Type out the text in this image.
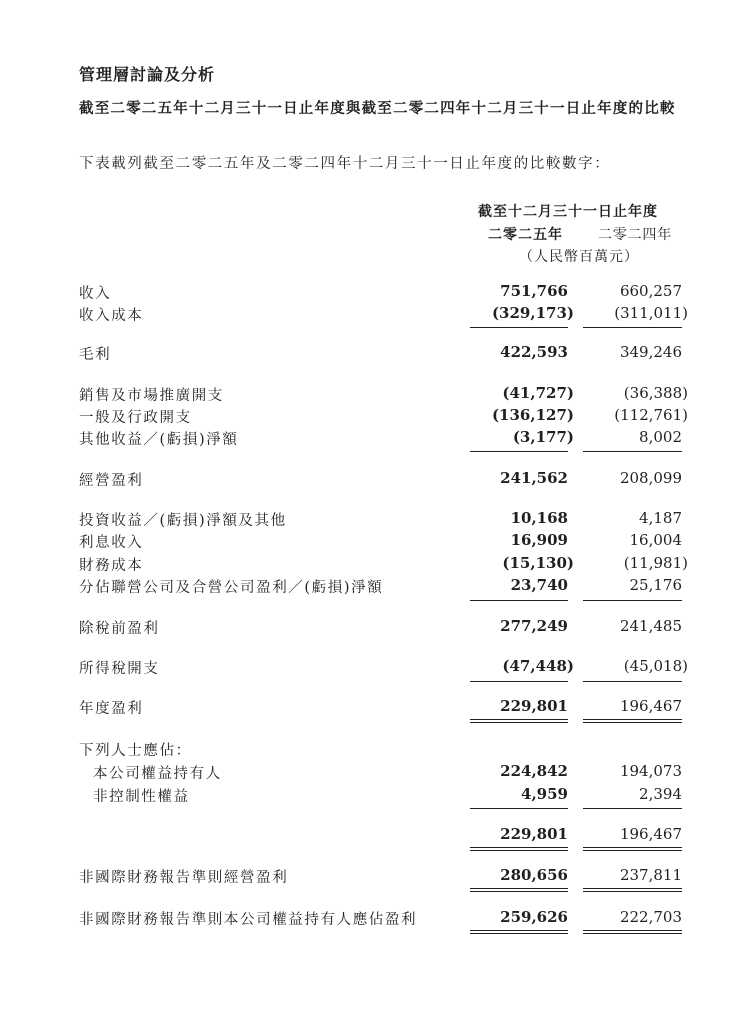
管理層討論及分析
截至二零二五年十二月三十一日止年度與截至二零二四年十二月三十一日止年度的比較
下表載列截至二零二五年及二零二四年十二月三十一日止年度的比較數字：
截至十二月三十一日止年度
二零二五年	二零二四年
（人民幣百萬元）
收入	751,766	660,257
收入成本	(329,173)	(311,011)
毛利	422,593	349,246
銷售及市場推廣開支	(41,727)	(36,388)
一般及行政開支	(136,127)	(112,761)
其他收益／(虧損)淨額	(3,177)	8,002
經營盈利	241,562	208,099
投資收益／(虧損)淨額及其他	10,168	4,187
利息收入	16,909	16,004
財務成本	(15,130)	(11,981)
分佔聯營公司及合營公司盈利／(虧損)淨額	23,740	25,176
除稅前盈利	277,249	241,485
所得稅開支	(47,448)	(45,018)
年度盈利	229,801	196,467
下列人士應佔：
本公司權益持有人	224,842	194,073
非控制性權益	4,959	2,394
229,801	196,467
非國際財務報告準則經營盈利	280,656	237,811
非國際財務報告準則本公司權益持有人應佔盈利	259,626	222,703
